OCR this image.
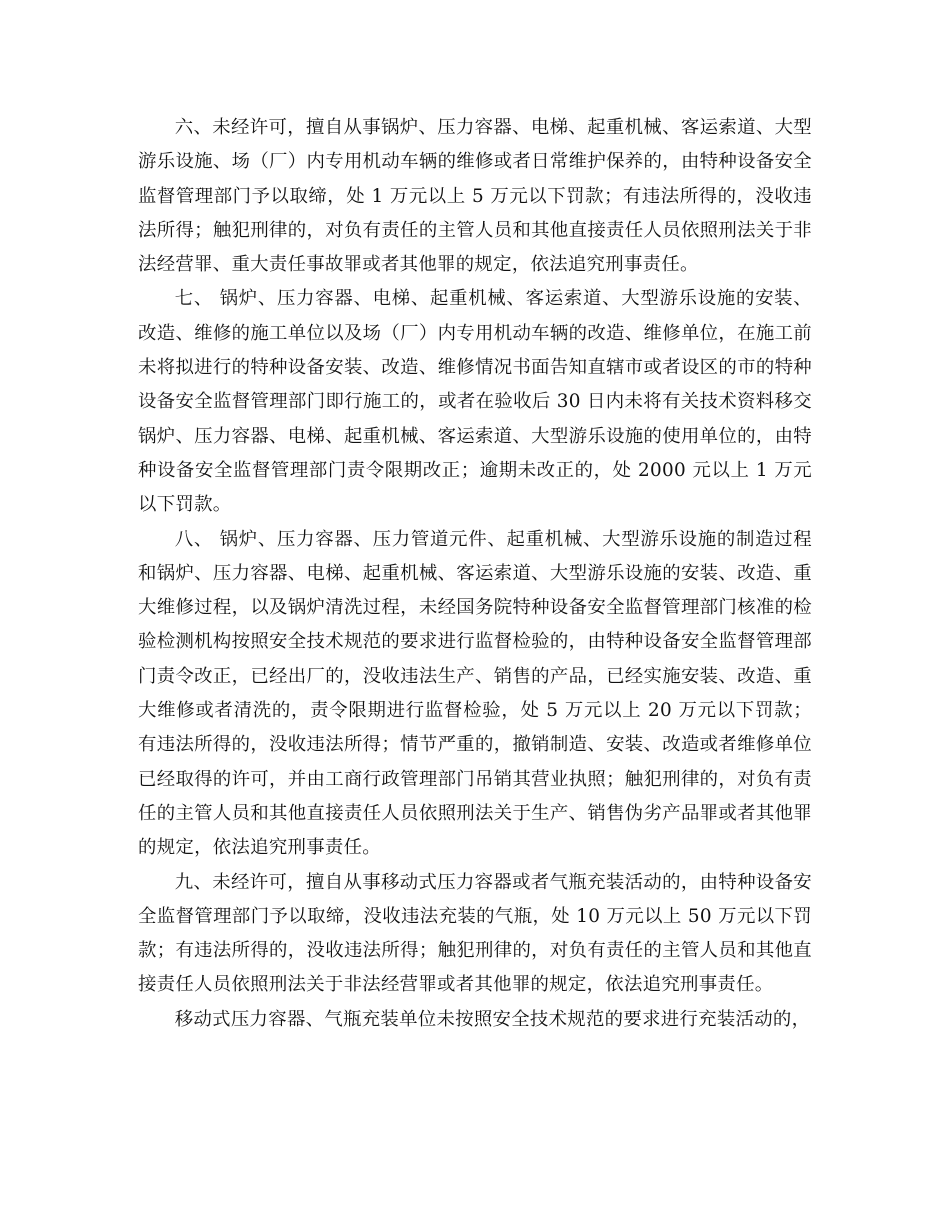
六、未经许可，擅自从事锅炉、压力容器、电梯、起重机械、客运索道、大型游乐设施、场（厂）内专用机动车辆的维修或者日常维护保养的，由特种设备安全监督管理部门予以取缔，处 1 万元以上 5 万元以下罚款；有违法所得的，没收违法所得；触犯刑律的，对负有责任的主管人员和其他直接责任人员依照刑法关于非法经营罪、重大责任事故罪或者其他罪的规定，依法追究刑事责任。

七、 锅炉、压力容器、电梯、起重机械、客运索道、大型游乐设施的安装、改造、维修的施工单位以及场（厂）内专用机动车辆的改造、维修单位，在施工前未将拟进行的特种设备安装、改造、维修情况书面告知直辖市或者设区的市的特种设备安全监督管理部门即行施工的，或者在验收后 30 日内未将有关技术资料移交锅炉、压力容器、电梯、起重机械、客运索道、大型游乐设施的使用单位的，由特种设备安全监督管理部门责令限期改正；逾期未改正的，处 2000 元以上 1 万元以下罚款。

八、 锅炉、压力容器、压力管道元件、起重机械、大型游乐设施的制造过程和锅炉、压力容器、电梯、起重机械、客运索道、大型游乐设施的安装、改造、重大维修过程，以及锅炉清洗过程，未经国务院特种设备安全监督管理部门核准的检验检测机构按照安全技术规范的要求进行监督检验的，由特种设备安全监督管理部门责令改正，已经出厂的，没收违法生产、销售的产品，已经实施安装、改造、重大维修或者清洗的，责令限期进行监督检验，处 5 万元以上 20 万元以下罚款；有违法所得的，没收违法所得；情节严重的，撤销制造、安装、改造或者维修单位已经取得的许可，并由工商行政管理部门吊销其营业执照；触犯刑律的，对负有责任的主管人员和其他直接责任人员依照刑法关于生产、销售伪劣产品罪或者其他罪的规定，依法追究刑事责任。

九、未经许可，擅自从事移动式压力容器或者气瓶充装活动的，由特种设备安全监督管理部门予以取缔，没收违法充装的气瓶，处 10 万元以上 50 万元以下罚款；有违法所得的，没收违法所得；触犯刑律的，对负有责任的主管人员和其他直接责任人员依照刑法关于非法经营罪或者其他罪的规定，依法追究刑事责任。

移动式压力容器、气瓶充装单位未按照安全技术规范的要求进行充装活动的，
